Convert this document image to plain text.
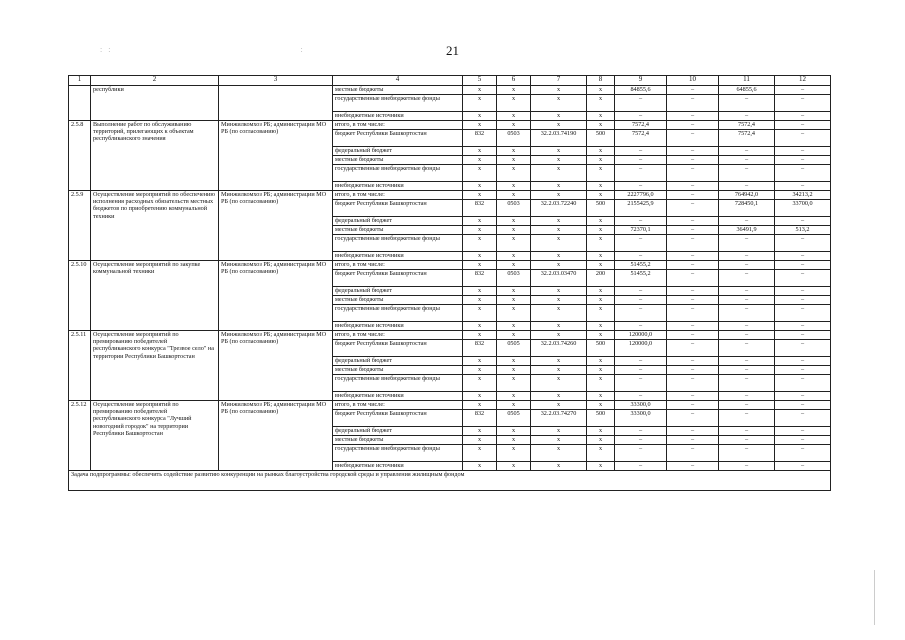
::                       :	21
1	2	3	4	5	6	7	8	9	10	11	12
	республики		местные бюджеты	х	х	х	х	84855,6	–	64855,6	–
			государственные внебюджетные фонды	х	х	х	х	–	–	–	–
			внебюджетные источники	х	х	х	х	–	–	–	–
2.5.8	Выполнение работ по обслуживанию территорий, прилегающих к объектам республиканского значения	Минжилкомхоз РБ; администрации МО РБ (по согласованию)	итого, в том числе:	х	х	х	х	7572,4	–	7572,4	–
			бюджет Республики Башкортостан	832	0503	32.2.03.74190	500	7572,4	–	7572,4	–
			федеральный бюджет	х	х	х	х	–	–	–	–
			местные бюджеты	х	х	х	х	–	–	–	–
			государственные внебюджетные фонды	х	х	х	х	–	–	–	–
			внебюджетные источники	х	х	х	х	–	–	–	–
2.5.9	Осуществление мероприятий по обеспечению исполнения расходных обязательств местных бюджетов по приобретению коммунальной техники	Минжилкомхоз РБ; администрации МО РБ (по согласованию)	итого, в том числе:	х	х	х	х	2227796,0	–	764942,0	34213,2
			бюджет Республики Башкортостан	832	0503	32.2.03.72240	500	2155425,9	–	728450,1	33700,0
			федеральный бюджет	х	х	х	х	–	–	–	–
			местные бюджеты	х	х	х	х	72370,1	–	36491,9	513,2
			государственные внебюджетные фонды	х	х	х	х	–	–	–	–
			внебюджетные источники	х	х	х	х	–	–	–	–
2.5.10	Осуществление мероприятий по закупке коммунальной техники	Минжилкомхоз РБ; администрации МО РБ (по согласованию)	итого, в том числе:	х	х	х	х	51455,2	–	–	–
			бюджет Республики Башкортостан	832	0503	32.2.03.03470	200	51455,2	–	–	–
			федеральный бюджет	х	х	х	х	–	–	–	–
			местные бюджеты	х	х	х	х	–	–	–	–
			государственные внебюджетные фонды	х	х	х	х	–	–	–	–
			внебюджетные источники	х	х	х	х	–	–	–	–
2.5.11	Осуществление мероприятий по премированию победителей республиканского конкурса "Трезвое село" на территории Республики Башкортостан	Минжилкомхоз РБ; администрации МО РБ (по согласованию)	итого, в том числе:	х	х	х	х	120000,0	–	–	–
			бюджет Республики Башкортостан	832	0505	32.2.03.74260	500	120000,0	–	–	–
			федеральный бюджет	х	х	х	х	–	–	–	–
			местные бюджеты	х	х	х	х	–	–	–	–
			государственные внебюджетные фонды	х	х	х	х	–	–	–	–
			внебюджетные источники	х	х	х	х	–	–	–	–
2.5.12	Осуществление мероприятий по премированию победителей республиканского конкурса "Лучший новогодний городок" на территории Республики Башкортостан	Минжилкомхоз РБ; администрации МО РБ (по согласованию)	итого, в том числе:	х	х	х	х	33300,0	–	–	–
			бюджет Республики Башкортостан	832	0505	32.2.03.74270	500	33300,0	–	–	–
			федеральный бюджет	х	х	х	х	–	–	–	–
			местные бюджеты	х	х	х	х	–	–	–	–
			государственные внебюджетные фонды	х	х	х	х	–	–	–	–
			внебюджетные источники	х	х	х	х	–	–	–	–
Задача подпрограммы: обеспечить содействие развитию конкуренции на рынках благоустройства городской среды и управления жилищным фондом											
